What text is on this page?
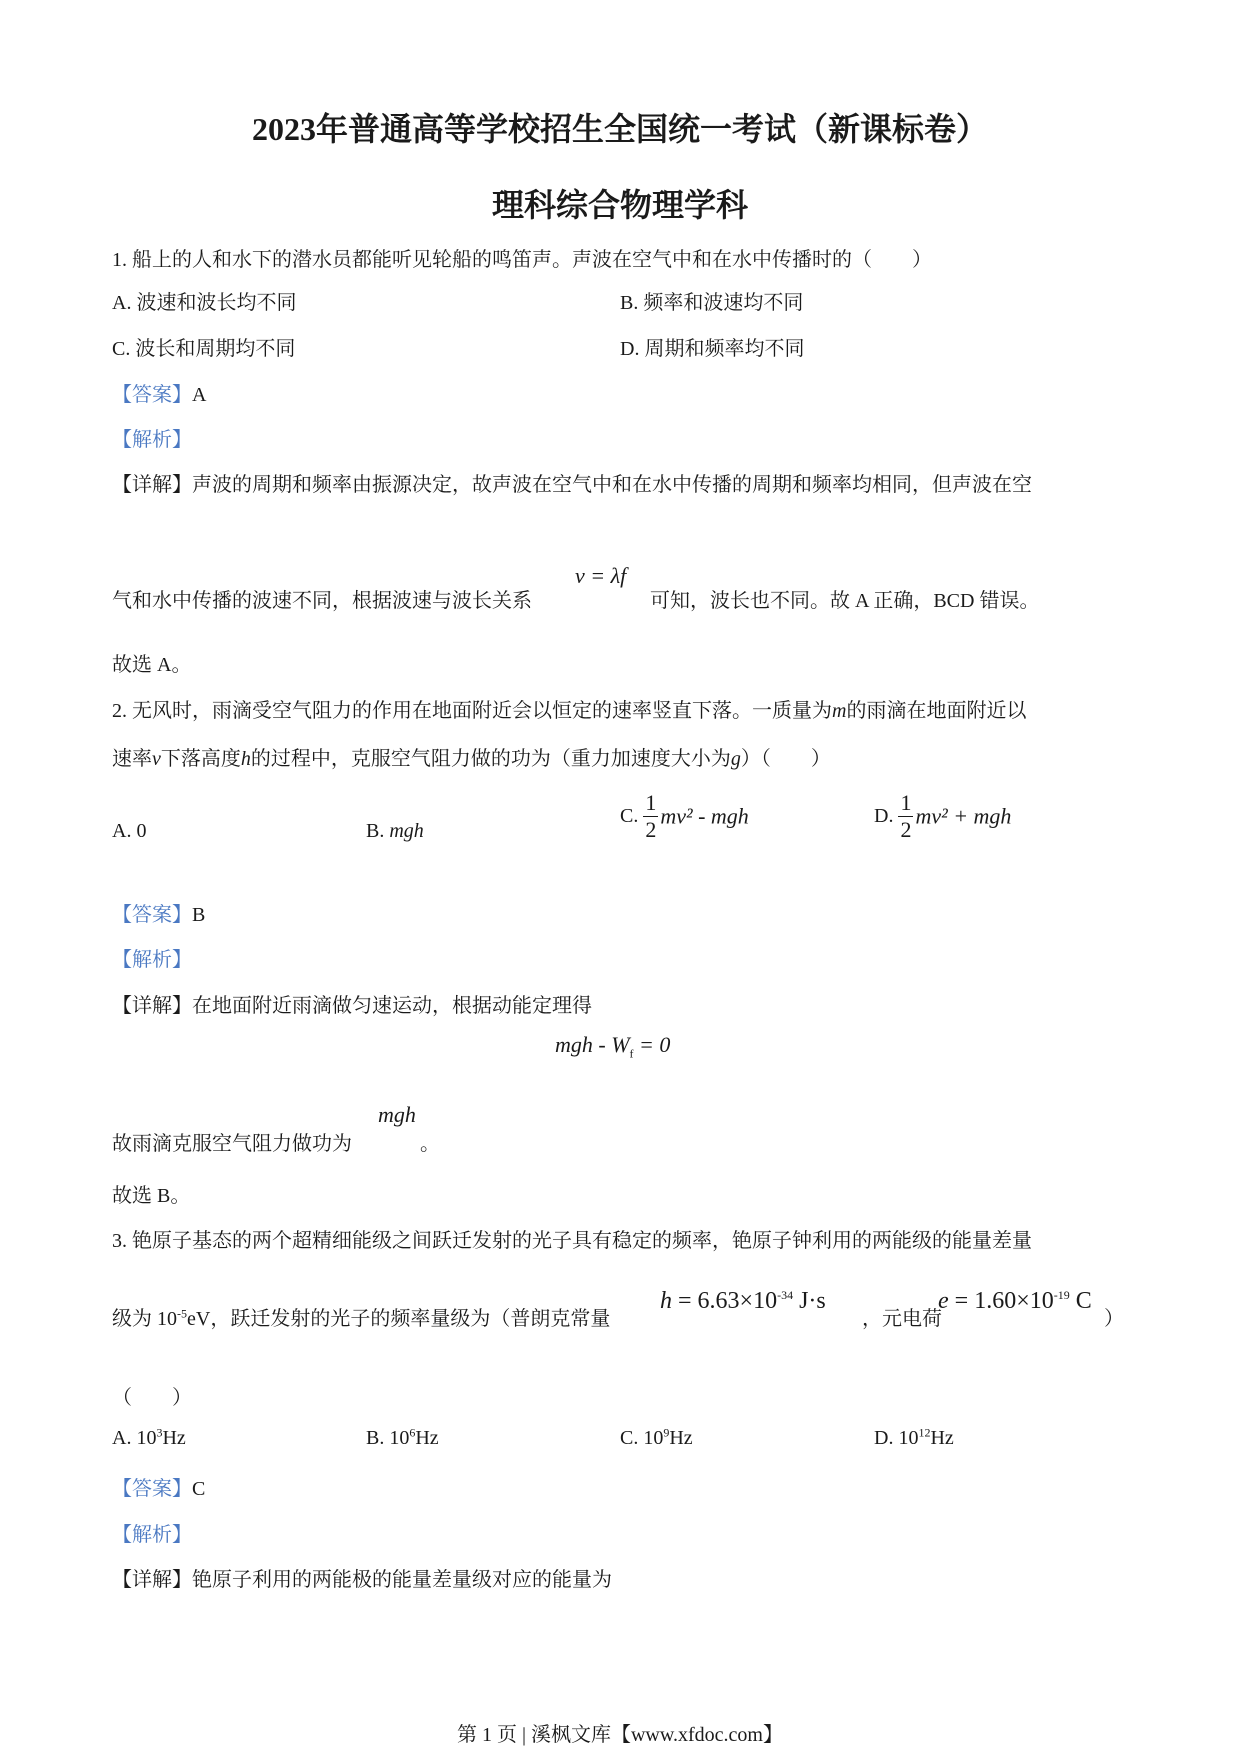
2023年普通高等学校招生全国统一考试（新课标卷）
理科综合物理学科
1. 船上的人和水下的潜水员都能听见轮船的鸣笛声。声波在空气中和在水中传播时的（　　）
A. 波速和波长均不同	B. 频率和波速均不同
C. 波长和周期均不同	D. 周期和频率均不同
【答案】A
【解析】
【详解】声波的周期和频率由振源决定，故声波在空气中和在水中传播的周期和频率均相同，但声波在空
气和水中传播的波速不同，根据波速与波长关系
v = λf
可知，波长也不同。故 A 正确，BCD 错误。
故选 A。
2. 无风时，雨滴受空气阻力的作用在地面附近会以恒定的速率竖直下落。一质量为m的雨滴在地面附近以
速率v下落高度h的过程中，克服空气阻力做的功为（重力加速度大小为g）（　　）
A. 0	B. mgh
C. $\frac{1}{2} mv^2$ - mgh	D. $\frac{1}{2} mv^2$ + mgh
【答案】B
【解析】
【详解】在地面附近雨滴做匀速运动，根据动能定理得
mgh - $W_f = 0$
故雨滴克服空气阻力做功为
mgh
。
故选 B。
3. 铯原子基态的两个超精细能级之间跃迁发射的光子具有稳定的频率，铯原子钟利用的两能级的能量差量
级为 $10^{-5}eV$，跃迁发射的光子的频率量级为（普朗克常量
$h = 6.63\times 10^{-34}$ J·s
，元电荷
$e = 1.60\times 10^{-19}$ C
）
（　　）
A. $10^3Hz$	B. $10^6Hz$	C. $10^9Hz$	D. $10^{12}Hz$
【答案】C
【解析】
【详解】铯原子利用的两能极的能量差量级对应的能量为
第 1 页 | 溪枫文库【www.xfdoc.com】
